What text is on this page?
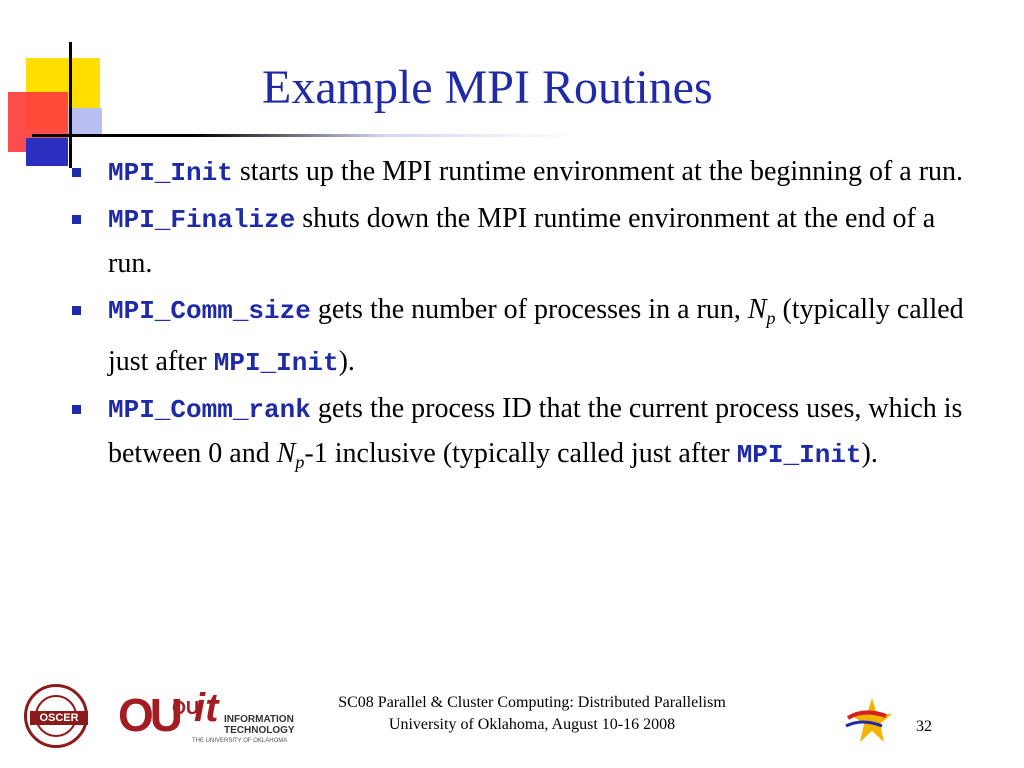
Example MPI Routines
MPI_Init starts up the MPI runtime environment at the beginning of a run.
MPI_Finalize shuts down the MPI runtime environment at the end of a run.
MPI_Comm_size gets the number of processes in a run, $N_p$ (typically called just after MPI_Init).
MPI_Comm_rank gets the process ID that the current process uses, which is between 0 and $N_p-1$ inclusive (typically called just after MPI_Init).
OSCER OU
OU
it INFORMATION TECHNOLOGY
THE UNIVERSITY OF OKLAHOMA
SC08 Parallel & Cluster Computing: Distributed Parallelism
University of Oklahoma, August 10-16 2008	32
